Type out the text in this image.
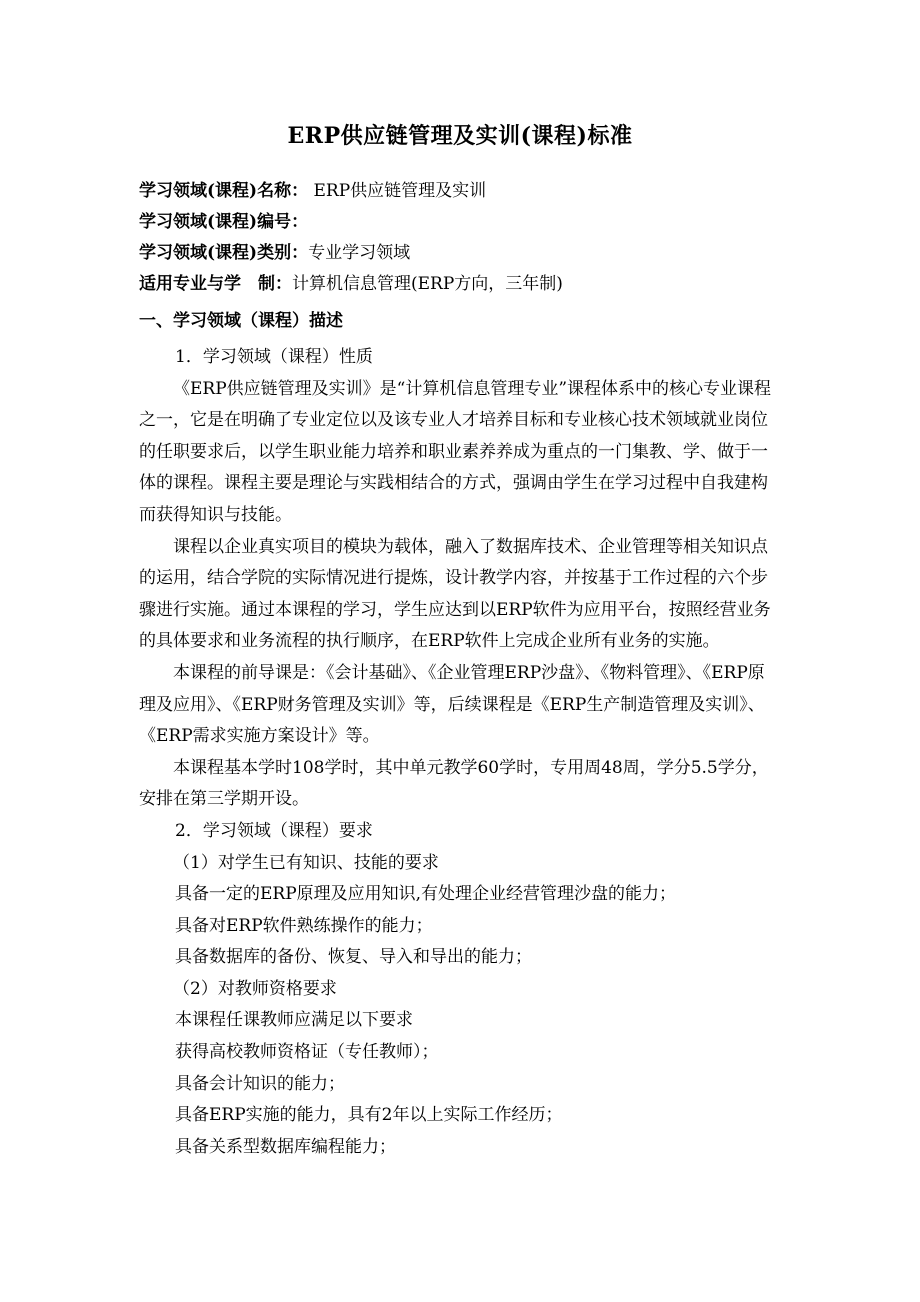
ERP供应链管理及实训(课程)标准
学习领域(课程)名称： ERP供应链管理及实训
学习领域(课程)编号：
学习领域(课程)类别：专业学习领域
适用专业与学　制：计算机信息管理(ERP方向，三年制)
一、学习领域（课程）描述

1．学习领域（课程）性质

《ERP供应链管理及实训》是“计算机信息管理专业”课程体系中的核心专业课程之一，它是在明确了专业定位以及该专业人才培养目标和专业核心技术领域就业岗位的任职要求后，以学生职业能力培养和职业素养养成为重点的一门集教、学、做于一体的课程。课程主要是理论与实践相结合的方式，强调由学生在学习过程中自我建构而获得知识与技能。

课程以企业真实项目的模块为载体，融入了数据库技术、企业管理等相关知识点的运用，结合学院的实际情况进行提炼，设计教学内容，并按基于工作过程的六个步骤进行实施。通过本课程的学习，学生应达到以ERP软件为应用平台，按照经营业务的具体要求和业务流程的执行顺序，在ERP软件上完成企业所有业务的实施。

本课程的前导课是：《会计基础》、《企业管理ERP沙盘》、《物料管理》、《ERP原理及应用》、《ERP财务管理及实训》等，后续课程是《ERP生产制造管理及实训》、《ERP需求实施方案设计》等。

本课程基本学时108学时，其中单元教学60学时，专用周48周，学分5.5学分，安排在第三学期开设。

2．学习领域（课程）要求

（1）对学生已有知识、技能的要求

具备一定的ERP原理及应用知识,有处理企业经营管理沙盘的能力；

具备对ERP软件熟练操作的能力；

具备数据库的备份、恢复、导入和导出的能力；

（2）对教师资格要求

本课程任课教师应满足以下要求

获得高校教师资格证（专任教师）；

具备会计知识的能力；

具备ERP实施的能力，具有2年以上实际工作经历；

具备关系型数据库编程能力；
